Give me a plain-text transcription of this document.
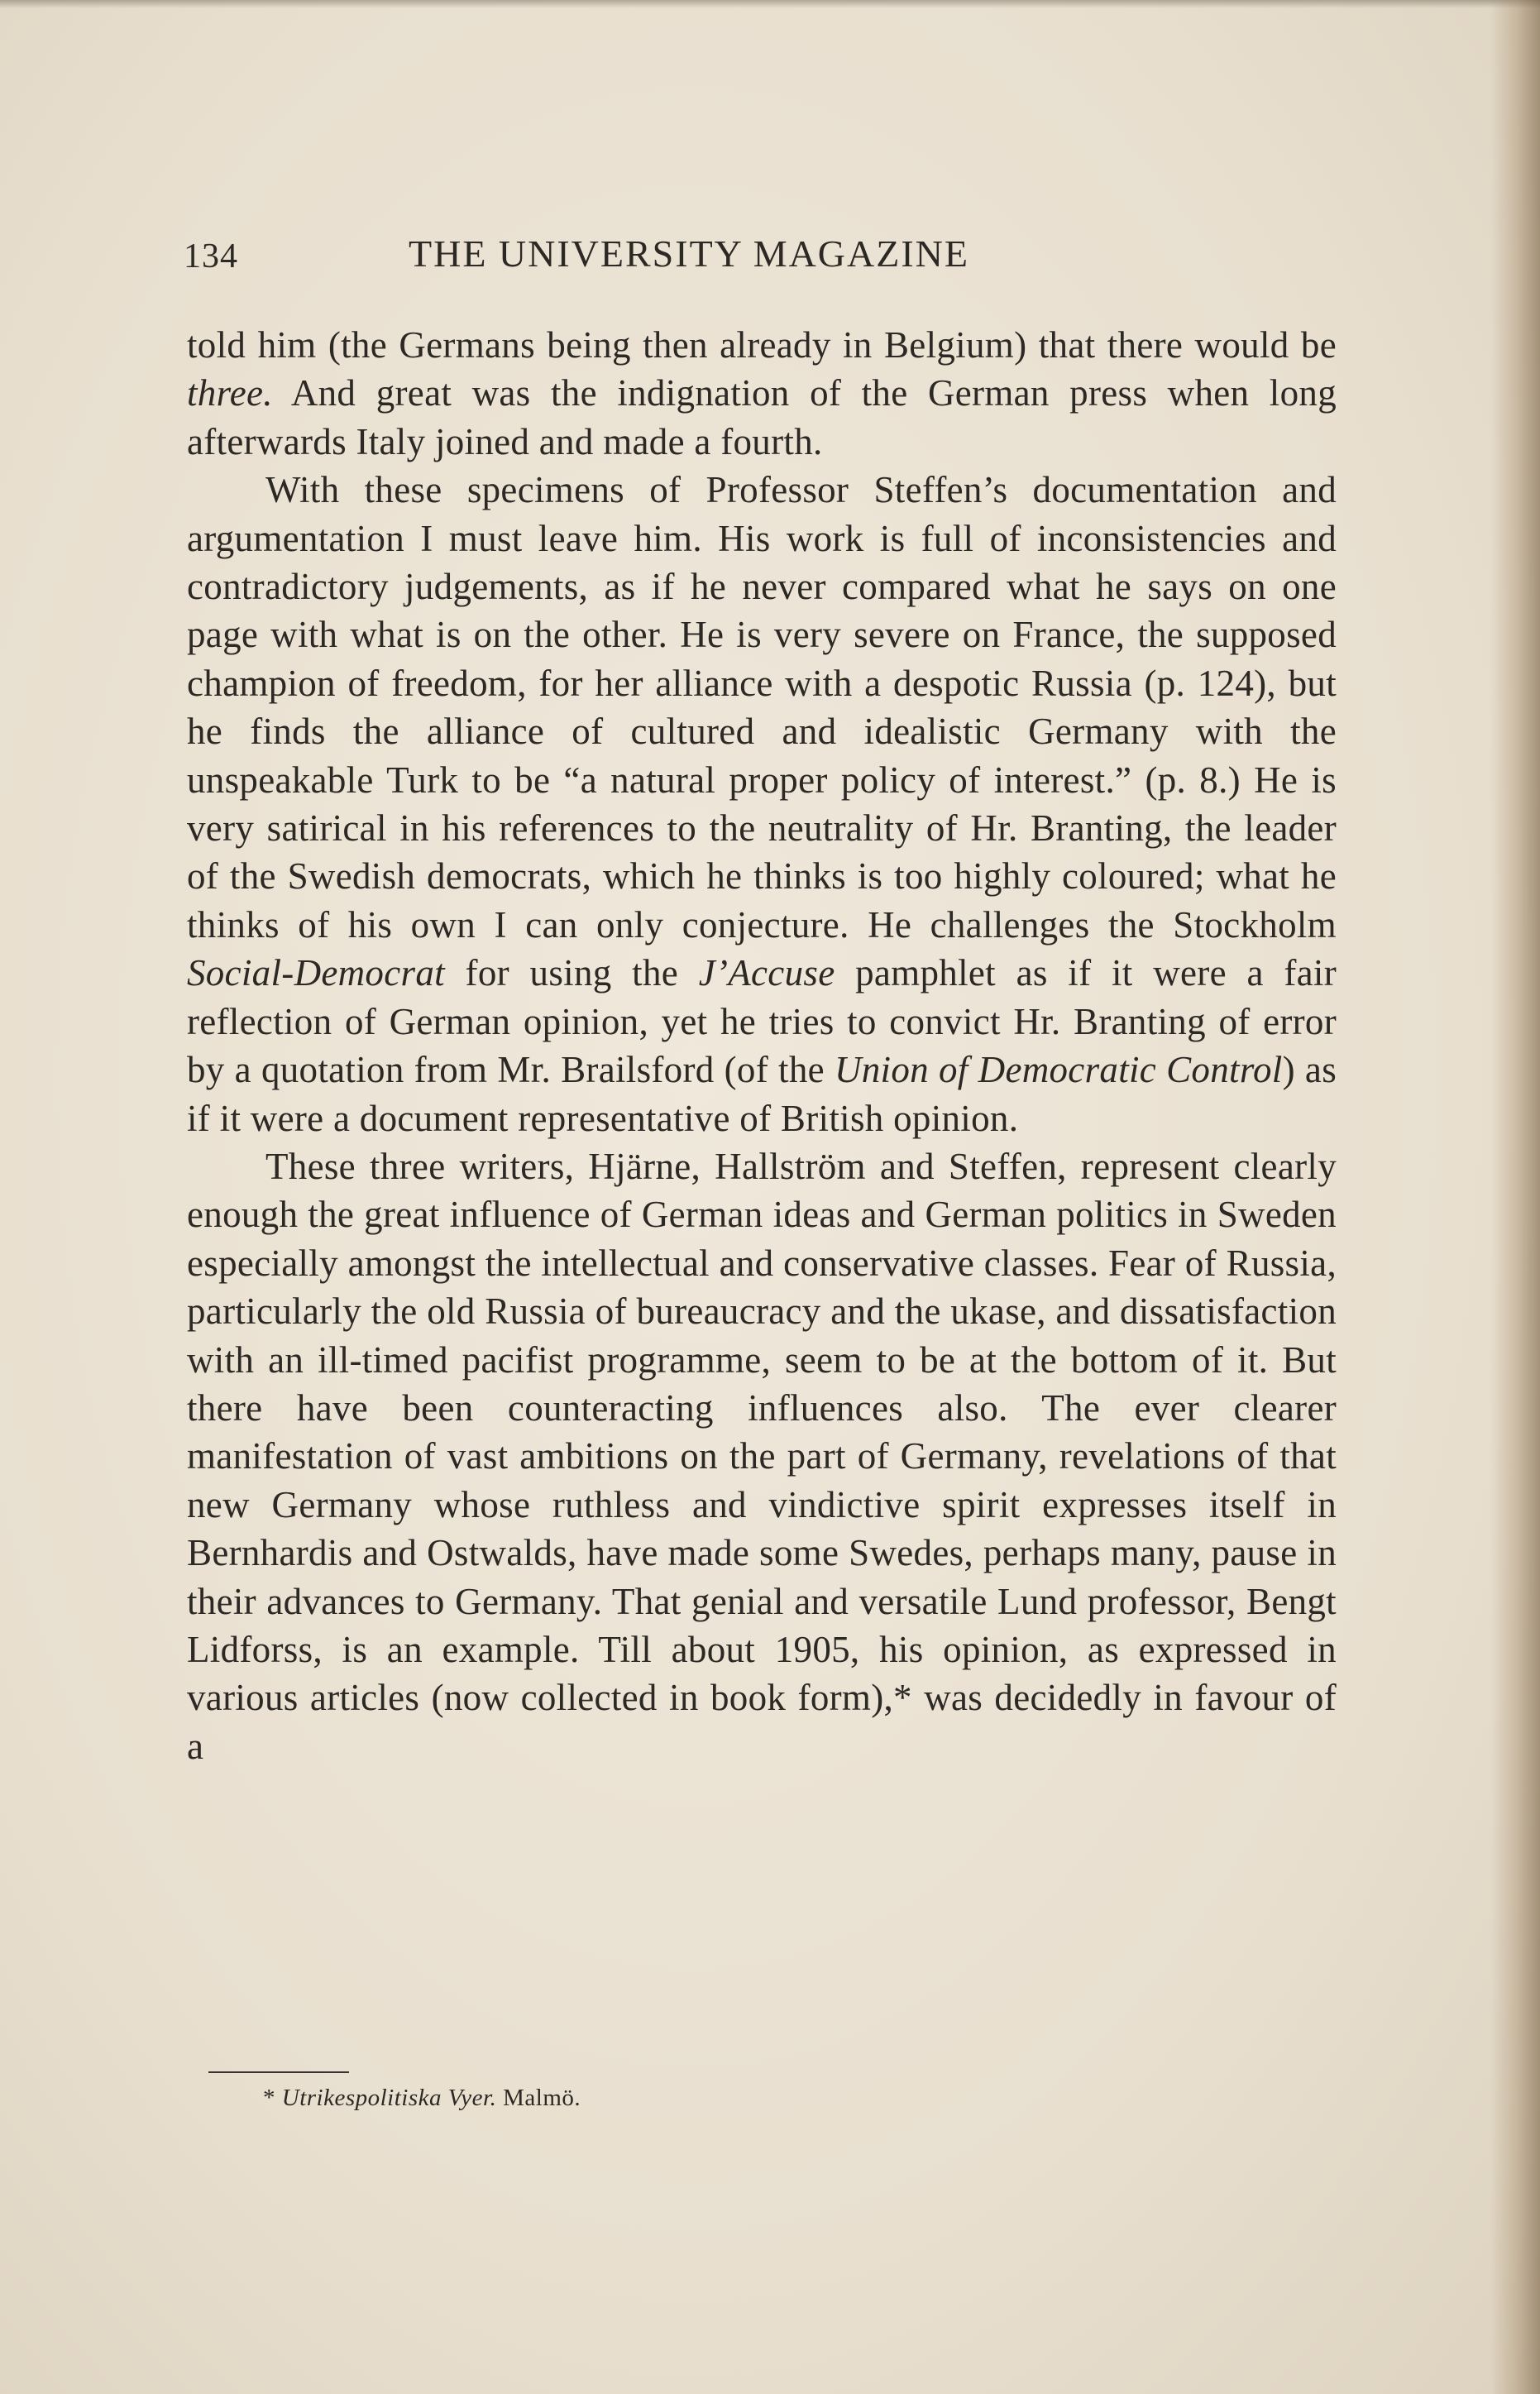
134	THE UNIVERSITY MAGAZINE

told him (the Germans being then already in Belgium) that there would be three. And great was the indignation of the German press when long afterwards Italy joined and made a fourth.

With these specimens of Professor Steffen’s documentation and argumentation I must leave him. His work is full of inconsistencies and contradictory judgements, as if he never compared what he says on one page with what is on the other. He is very severe on France, the supposed champion of freedom, for her alliance with a despotic Russia (p. 124), but he finds the alliance of cultured and idealistic Germany with the unspeakable Turk to be “a natural proper policy of interest.” (p. 8.) He is very satirical in his references to the neutrality of Hr. Branting, the leader of the Swedish democrats, which he thinks is too highly coloured; what he thinks of his own I can only conjecture. He challenges the Stockholm Social-Democrat for using the J’Accuse pamphlet as if it were a fair reflection of German opinion, yet he tries to convict Hr. Branting of error by a quotation from Mr. Brailsford (of the Union of Democratic Control) as if it were a document representative of British opinion.

These three writers, Hjärne, Hallström and Steffen, represent clearly enough the great influence of German ideas and German politics in Sweden especially amongst the intellectual and conservative classes. Fear of Russia, particularly the old Russia of bureaucracy and the ukase, and dissatisfaction with an ill-timed pacifist programme, seem to be at the bottom of it. But there have been counteracting influences also. The ever clearer manifestation of vast ambitions on the part of Germany, revelations of that new Germany whose ruthless and vindictive spirit expresses itself in Bernhardis and Ostwalds, have made some Swedes, perhaps many, pause in their advances to Germany. That genial and versatile Lund professor, Bengt Lidforss, is an example. Till about 1905, his opinion, as expressed in various articles (now collected in book form),* was decidedly in favour of a

* Utrikespolitiska Vyer. Malmö.
